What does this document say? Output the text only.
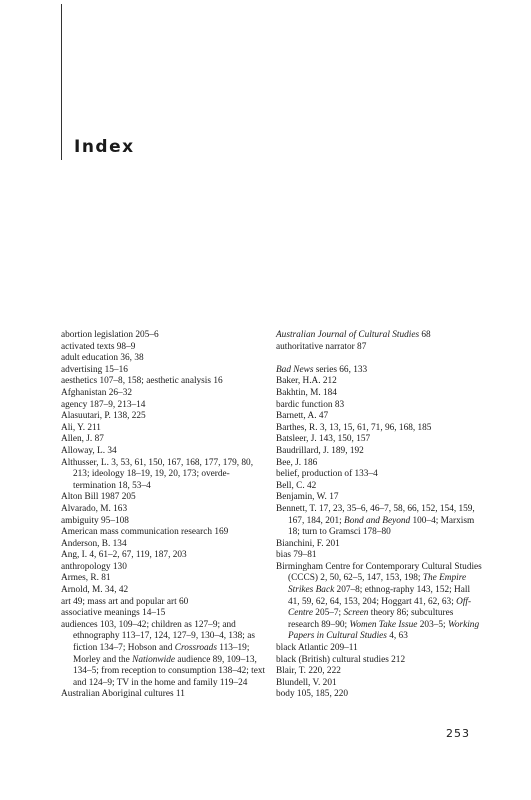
Index

abortion legislation 205–6

activated texts 98–9

adult education 36, 38

advertising 15–16

aesthetics 107–8, 158; aesthetic analysis 16

Afghanistan 26–32

agency 187–9, 213–14

Alasuutari, P. 138, 225

Ali, Y. 211

Allen, J. 87

Alloway, L. 34

Althusser, L. 3, 53, 61, 150, 167, 168, 177, 179, 80, 213; ideology 18–19, 19, 20, 173; overde-termination 18, 53–4

Alton Bill 1987 205

Alvarado, M. 163

ambiguity 95–108

American mass communication research 169

Anderson, B. 134

Ang, I. 4, 61–2, 67, 119, 187, 203

anthropology 130

Armes, R. 81

Arnold, M. 34, 42

art 49; mass art and popular art 60

associative meanings 14–15

audiences 103, 109–42; children as 127–9; and ethnography 113–17, 124, 127–9, 130–4, 138; as fiction 134–7; Hobson and Crossroads 113–19; Morley and the Nationwide audience 89, 109–13, 134–5; from reception to consumption 138–42; text and 124–9; TV in the home and family 119–24

Australian Aboriginal cultures 11

Australian Journal of Cultural Studies 68

authoritative narrator 87

Bad News series 66, 133

Baker, H.A. 212

Bakhtin, M. 184

bardic function 83

Barnett, A. 47

Barthes, R. 3, 13, 15, 61, 71, 96, 168, 185

Batsleer, J. 143, 150, 157

Baudrillard, J. 189, 192

Bee, J. 186

belief, production of 133–4

Bell, C. 42

Benjamin, W. 17

Bennett, T. 17, 23, 35–6, 46–7, 58, 66, 152, 154, 159, 167, 184, 201; Bond and Beyond 100–4; Marxism 18; turn to Gramsci 178–80

Bianchini, F. 201

bias 79–81

Birmingham Centre for Contemporary Cultural Studies (CCCS) 2, 50, 62–5, 147, 153, 198; The Empire Strikes Back 207–8; ethnog-raphy 143, 152; Hall 41, 59, 62, 64, 153, 204; Hoggart 41, 62, 63; Off-Centre 205–7; Screen theory 86; subcultures research 89–90; Women Take Issue 203–5; Working Papers in Cultural Studies 4, 63

black Atlantic 209–11

black (British) cultural studies 212

Blair, T. 220, 222

Blundell, V. 201

body 105, 185, 220

253
